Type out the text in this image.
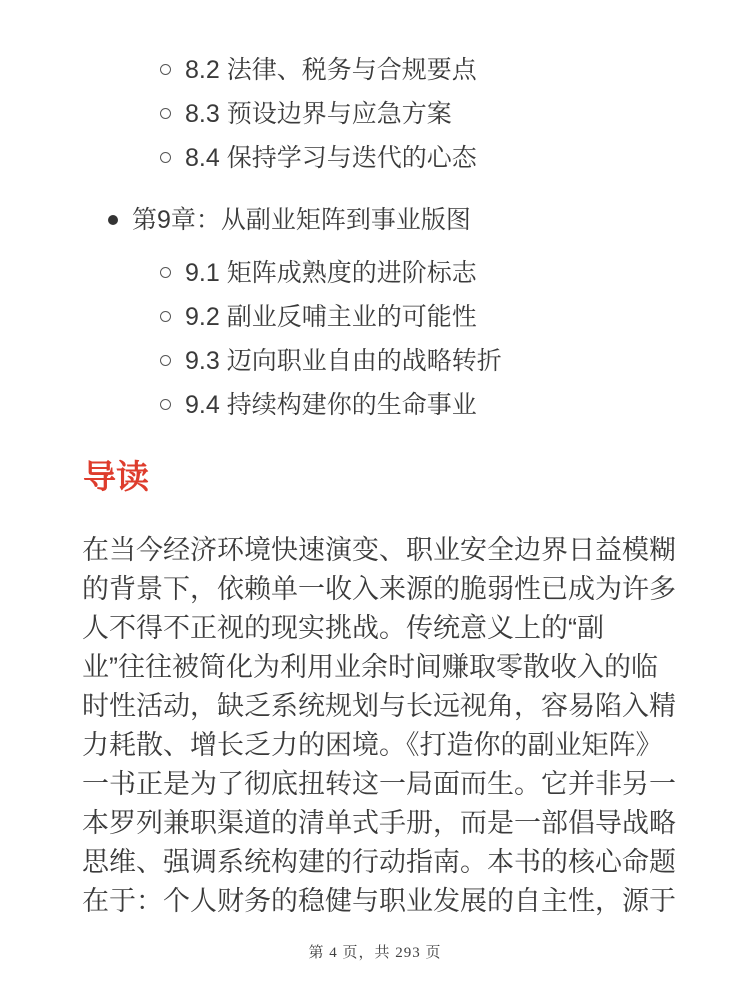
8.2 法律、税务与合规要点
8.3 预设边界与应急方案
8.4 保持学习与迭代的心态
第9章：从副业矩阵到事业版图
9.1 矩阵成熟度的进阶标志
9.2 副业反哺主业的可能性
9.3 迈向职业自由的战略转折
9.4 持续构建你的生命事业
导读
在当今经济环境快速演变、职业安全边界日益模糊
的背景下，依赖单一收入来源的脆弱性已成为许多
人不得不正视的现实挑战。传统意义上的“副
业”往往被简化为利用业余时间赚取零散收入的临
时性活动，缺乏系统规划与长远视角，容易陷入精
力耗散、增长乏力的困境。《打造你的副业矩阵》
一书正是为了彻底扭转这一局面而生。它并非另一
本罗列兼职渠道的清单式手册，而是一部倡导战略
思维、强调系统构建的行动指南。本书的核心命题
在于：个人财务的稳健与职业发展的自主性，源于
第 4 页，共 293 页
